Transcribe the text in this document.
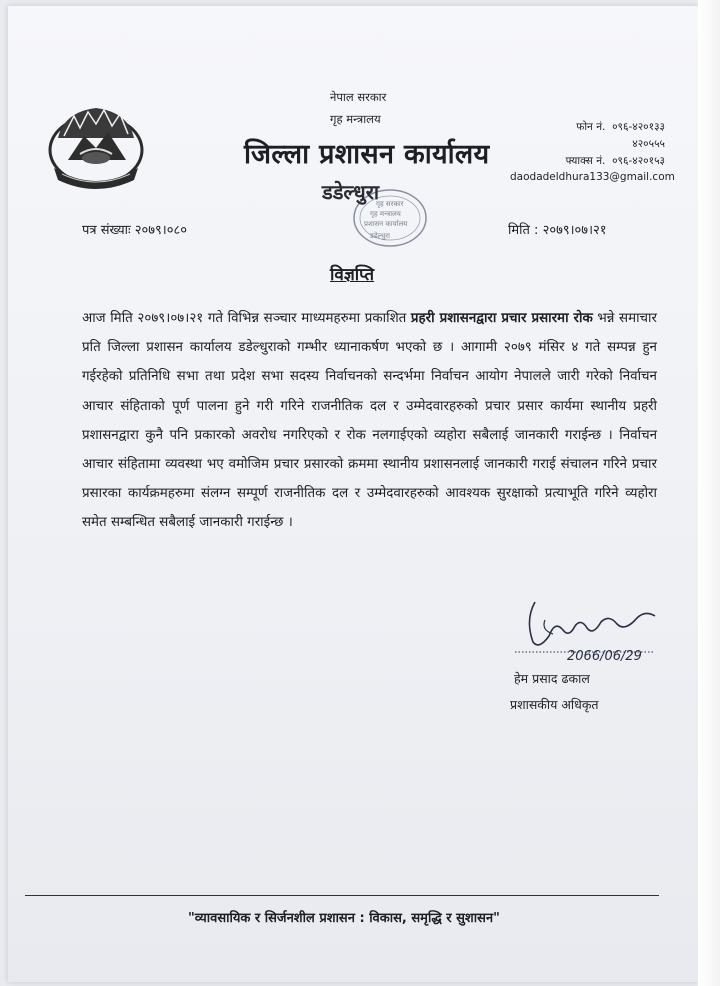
नेपाल सरकार
गृह मन्त्रालय
जिल्ला प्रशासन कार्यालय
गृह सरकार
गृह मन्त्रालय
प्रशासन कार्यालय
डडेल्धुरा
डडेल्धुरा
फोन नं. ०९६-४२०१३३
४२०५५५
फ्याक्स नं. ०९६-४२०१५३
daodadeldhura133@gmail.com
पत्र संख्याः २०७९।०८०	मिति : २०७९।०७।२१
विज्ञप्ति
आज मिति २०७९।०७।२१ गते विभिन्न सञ्चार माध्यमहरुमा प्रकाशित प्रहरी प्रशासनद्वारा प्रचार प्रसारमा रोक भन्ने समाचार प्रति जिल्ला प्रशासन कार्यालय डडेल्धुराको गम्भीर ध्यानाकर्षण भएको छ । आगामी २०७९ मंसिर ४ गते सम्पन्न हुन गईरहेको प्रतिनिधि सभा तथा प्रदेश सभा सदस्य निर्वाचनको सन्दर्भमा निर्वाचन आयोग नेपालले जारी गरेको निर्वाचन आचार संहिताको पूर्ण पालना हुने गरी गरिने राजनीतिक दल र उम्मेदवारहरुको प्रचार प्रसार कार्यमा स्थानीय प्रहरी प्रशासनद्वारा कुनै पनि प्रकारको अवरोध नगरिएको र रोक नलगाईएको व्यहोरा सबैलाई जानकारी गराईन्छ । निर्वाचन आचार संहितामा व्यवस्था भए वमोजिम प्रचार प्रसारको क्रममा स्थानीय प्रशासनलाई जानकारी गराई संचालन गरिने प्रचार प्रसारका कार्यक्रमहरुमा संलग्न सम्पूर्ण राजनीतिक दल र उम्मेदवारहरुको आवश्यक सुरक्षाको प्रत्याभूति गरिने व्यहोरा समेत सम्बन्धित सबैलाई जानकारी गराईन्छ ।
2066/06/29
हेम प्रसाद ढकाल
प्रशासकीय अधिकृत
"व्यावसायिक र सिर्जनशील प्रशासन : विकास, समृद्धि र सुशासन"
